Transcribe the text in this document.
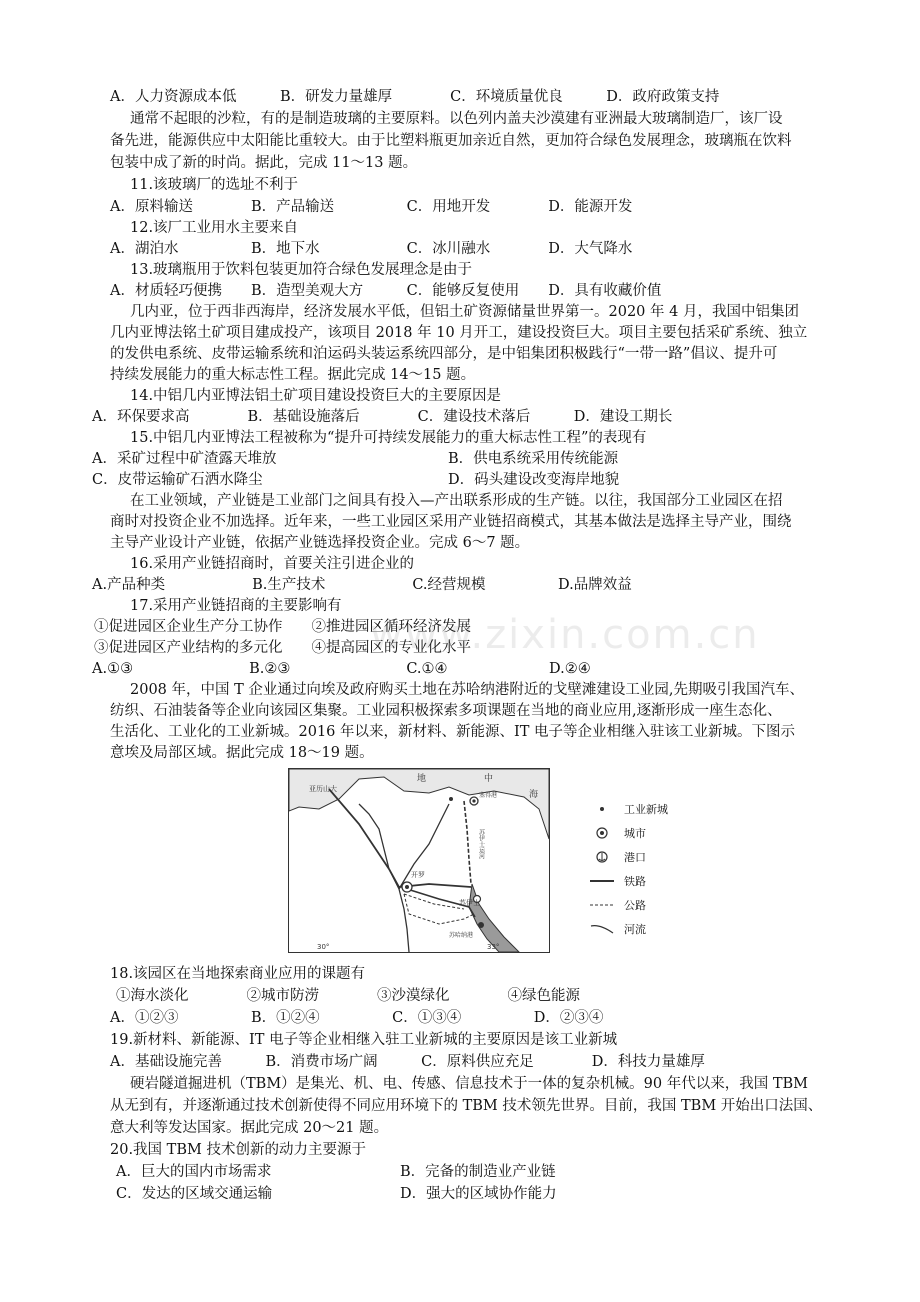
A．人力资源成本低　　　B．研发力量雄厚　　　　C．环境质量优良　　　D．政府政策支持
通常不起眼的沙粒，有的是制造玻璃的主要原料。以色列内盖夫沙漠建有亚洲最大玻璃制造厂，该厂设
备先进，能源供应中太阳能比重较大。由于比塑料瓶更加亲近自然，更加符合绿色发展理念，玻璃瓶在饮料
包装中成了新的时尚。据此，完成 11～13 题。
11.该玻璃厂的选址不利于
A．原料输送　　　　B．产品输送　　　　　C．用地开发　　　　D．能源开发
12.该厂工业用水主要来自
A．湖泊水　　　　　B．地下水　　　　　　C．冰川融水　　　　D．大气降水
13.玻璃瓶用于饮料包装更加符合绿色发展理念是由于
A．材质轻巧便携　　B．造型美观大方　　　C．能够反复使用　　D．具有收藏价值
几内亚，位于西非西海岸，经济发展水平低，但铝土矿资源储量世界第一。2020 年 4 月，我国中铝集团
几内亚博法铭土矿项目建成投产，该项目 2018 年 10 月开工，建设投资巨大。项目主要包括采矿系统、独立
的发供电系统、皮带运输系统和泊运码头装运系统四部分，是中铝集团积极践行“一带一路”倡议、提升可
持续发展能力的重大标志性工程。据此完成 14～15 题。
14.中铝几内亚博法铝土矿项目建设投资巨大的主要原因是
A．环保要求高　　　　B．基础设施落后　　　　C．建设技术落后　　　D．建设工期长
15.中铝几内亚博法工程被称为“提升可持续发展能力的重大标志性工程”的表现有
A．采矿过程中矿渣露天堆放	B．供电系统采用传统能源
C．皮带运输矿石洒水降尘	D．码头建设改变海岸地貌
在工业领域，产业链是工业部门之间具有投入—产出联系形成的生产链。以往，我国部分工业园区在招
商时对投资企业不加选择。近年来，一些工业园区采用产业链招商模式，其基本做法是选择主导产业，围绕
主导产业设计产业链，依据产业链选择投资企业。完成 6～7 题。
16.采用产业链招商时，首要关注引进企业的
A.产品种类　　　　　　B.生产技术　　　　　　C.经营规模　　　　　D.品牌效益
17.采用产业链招商的主要影响有
①促进园区企业生产分工协作　　②推进园区循环经济发展
③促进园区产业结构的多元化　　④提高园区的专业化水平
A.①③　　　　　　　　B.②③　　　　　　　　C.①④　　　　　　　D.②④
2008 年，中国 T 企业通过向埃及政府购买土地在苏哈纳港附近的戈壁滩建设工业园,先期吸引我国汽车、
纺织、石油装备等企业向该园区集聚。工业园积极探索多项课题在当地的商业应用,逐渐形成一座生态化、
生活化、工业化的工业新城。2016 年以来，新材料、新能源、IT 电子等企业相继入驻该工业新城。下图示
意埃及局部区域。据此完成 18～19 题。
地	中
海
亚历山大
塞得港
开罗
苏伊士
苏哈纳港
苏伊士运河
30°	33°
工业新城
城市
港口
铁路
公路
河流
18.该园区在当地探索商业应用的课题有
①海水淡化　　　　②城市防涝　　　　③沙漠绿化　　　　④绿色能源
A．①②③　　　　　B．①②④　　　　　C．①③④　　　　　D．②③④
19.新材料、新能源、IT 电子等企业相继入驻工业新城的主要原因是该工业新城
A．基础设施完善　　　B．消费市场广阔　　　C．原料供应充足　　　　D．科技力量雄厚
硬岩隧道掘进机（TBM）是集光、机、电、传感、信息技术于一体的复杂机械。90 年代以来，我国 TBM
从无到有，并逐渐通过技术创新使得不同应用环境下的 TBM 技术领先世界。目前，我国 TBM 开始出口法国、
意大利等发达国家。据此完成 20～21 题。
20.我国 TBM 技术创新的动力主要源于
A．巨大的国内市场需求	B．完备的制造业产业链
C．发达的区域交通运输	D．强大的区域协作能力
www.zixin.com.cn
